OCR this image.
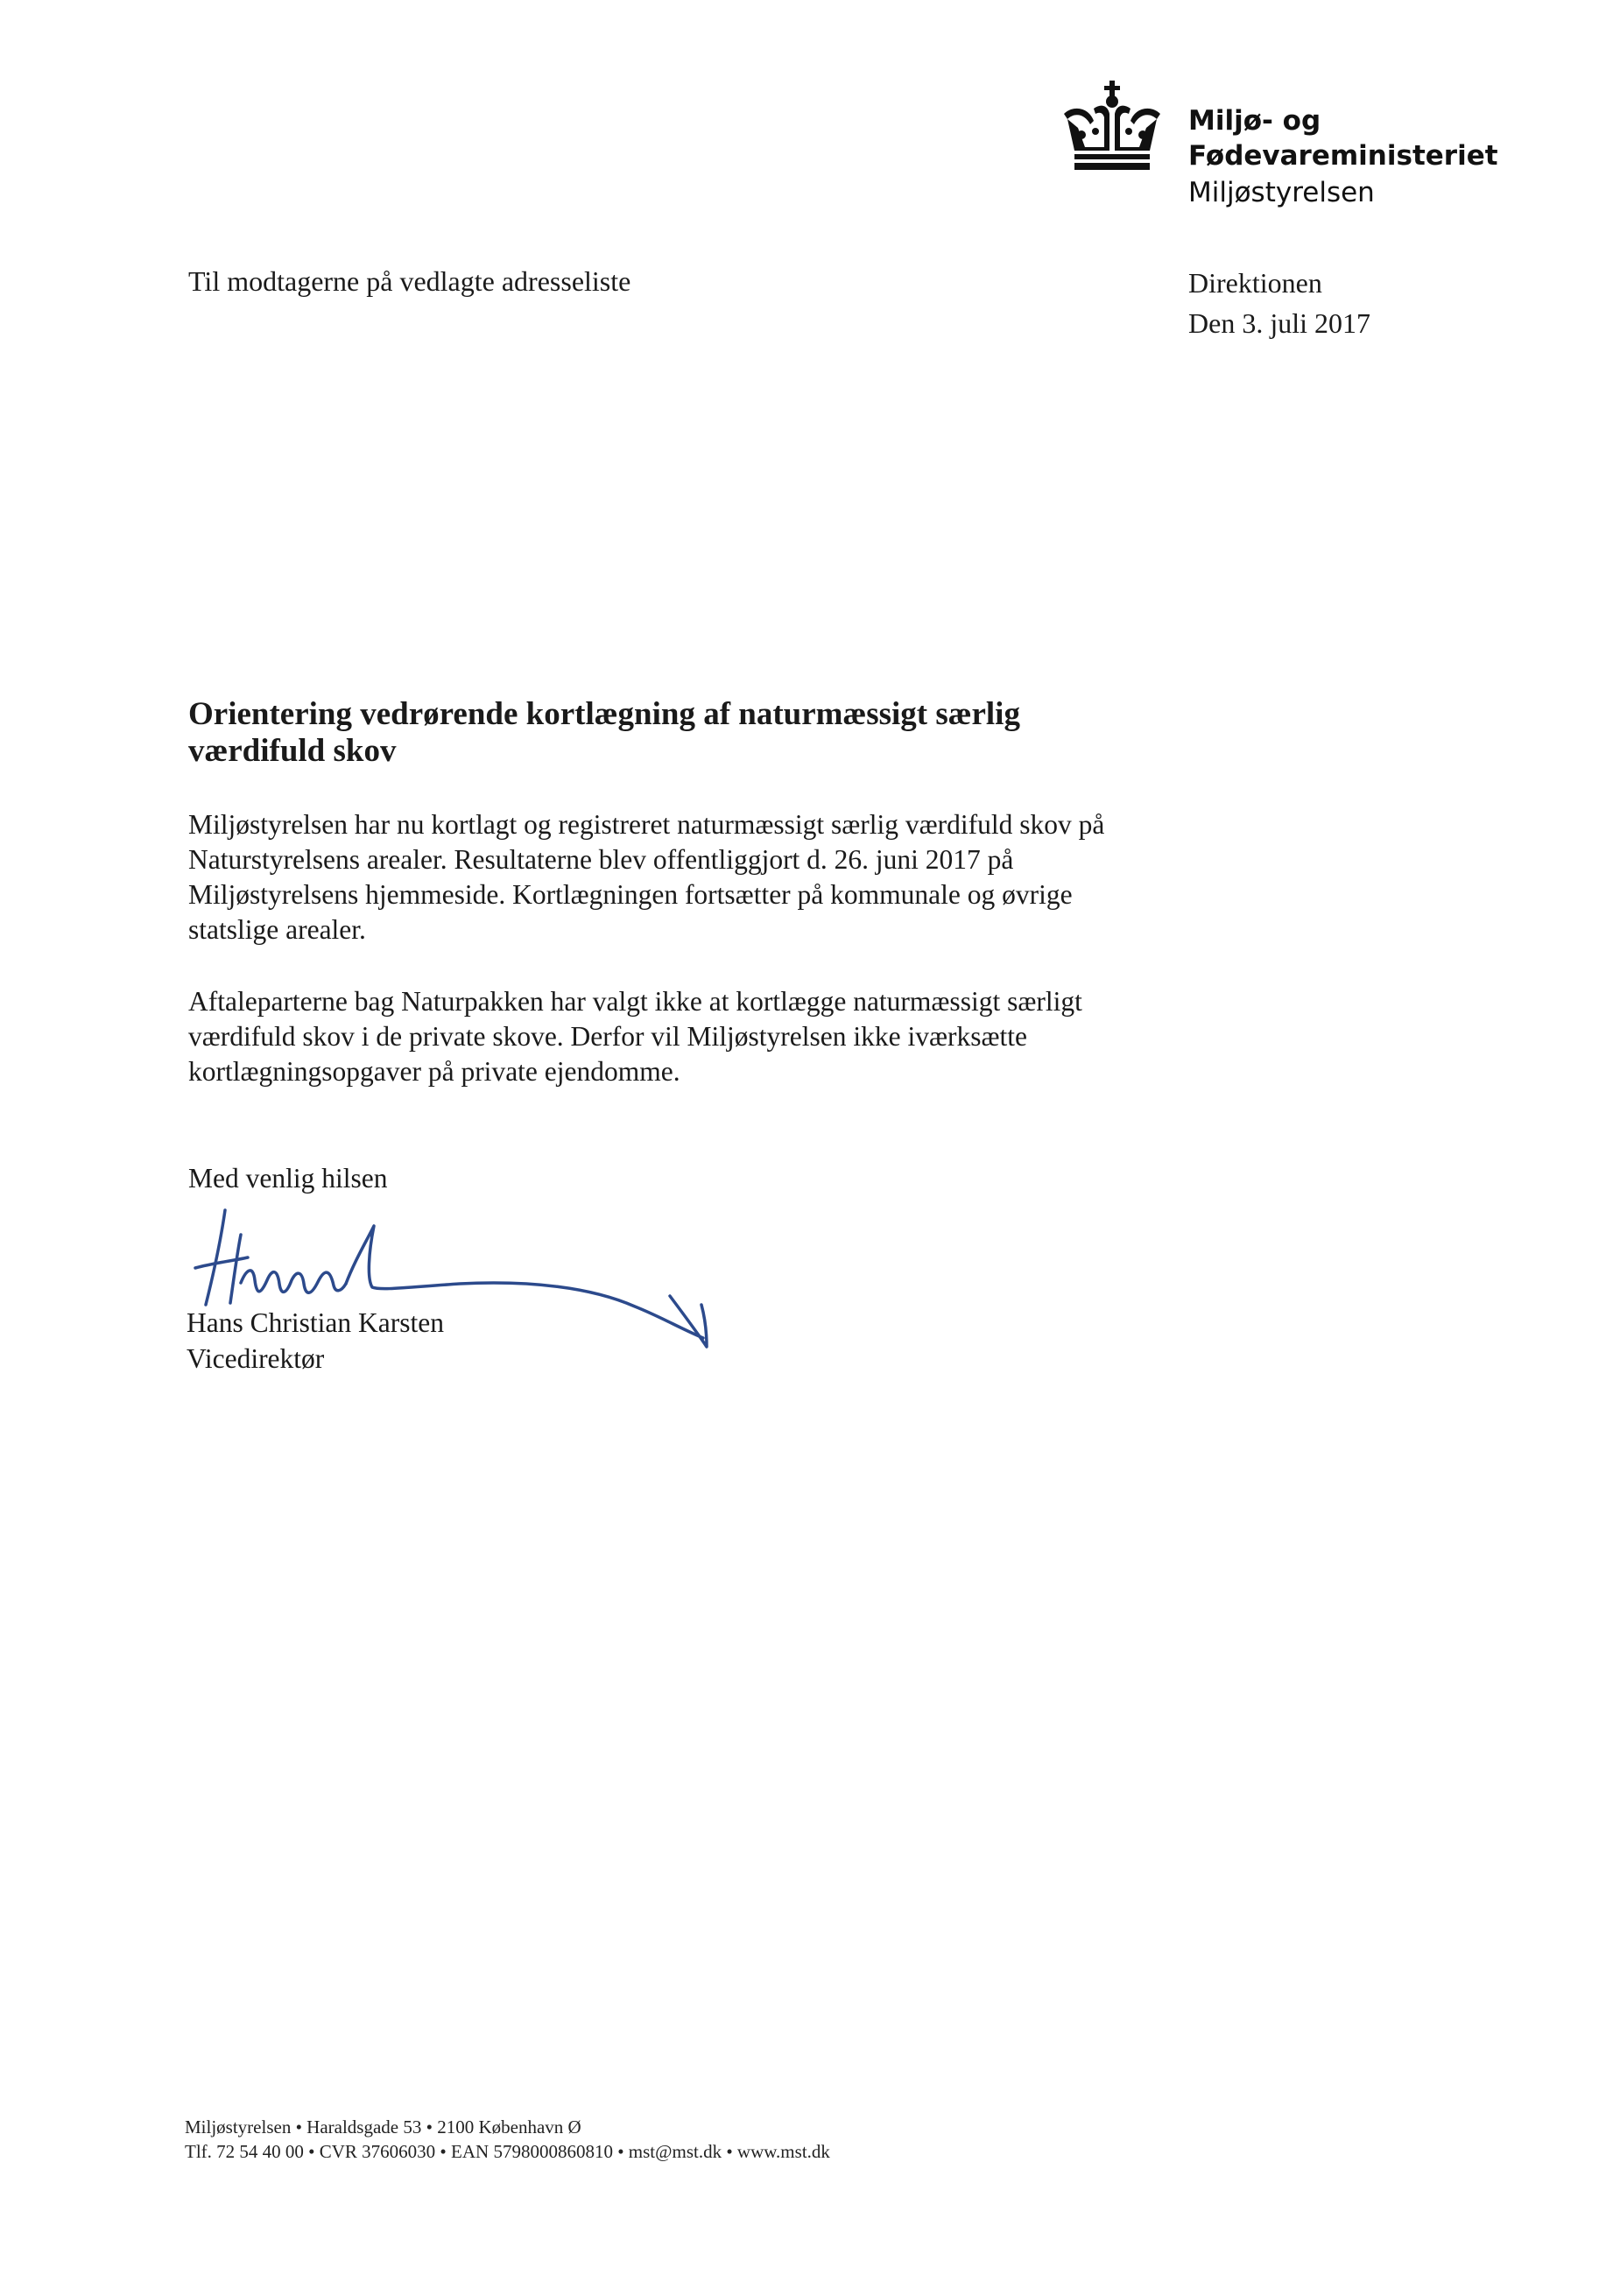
Miljø- og
Fødevareministeriet
Miljøstyrelsen
Til modtagerne på vedlagte adresseliste	Direktionen
Den 3. juli 2017
Orientering vedrørende kortlægning af naturmæssigt særlig
værdifuld skov
Miljøstyrelsen har nu kortlagt og registreret naturmæssigt særlig værdifuld skov på
Naturstyrelsens arealer. Resultaterne blev offentliggjort d. 26. juni 2017 på
Miljøstyrelsens hjemmeside. Kortlægningen fortsætter på kommunale og øvrige
statslige arealer.
Aftaleparterne bag Naturpakken har valgt ikke at kortlægge naturmæssigt særligt
værdifuld skov i de private skove. Derfor vil Miljøstyrelsen ikke iværksætte
kortlægningsopgaver på private ejendomme.
Med venlig hilsen
Hans Christian Karsten
Vicedirektør
Miljøstyrelsen • Haraldsgade 53 • 2100 København Ø
Tlf. 72 54 40 00 • CVR 37606030 • EAN 5798000860810 • mst@mst.dk • www.mst.dk
